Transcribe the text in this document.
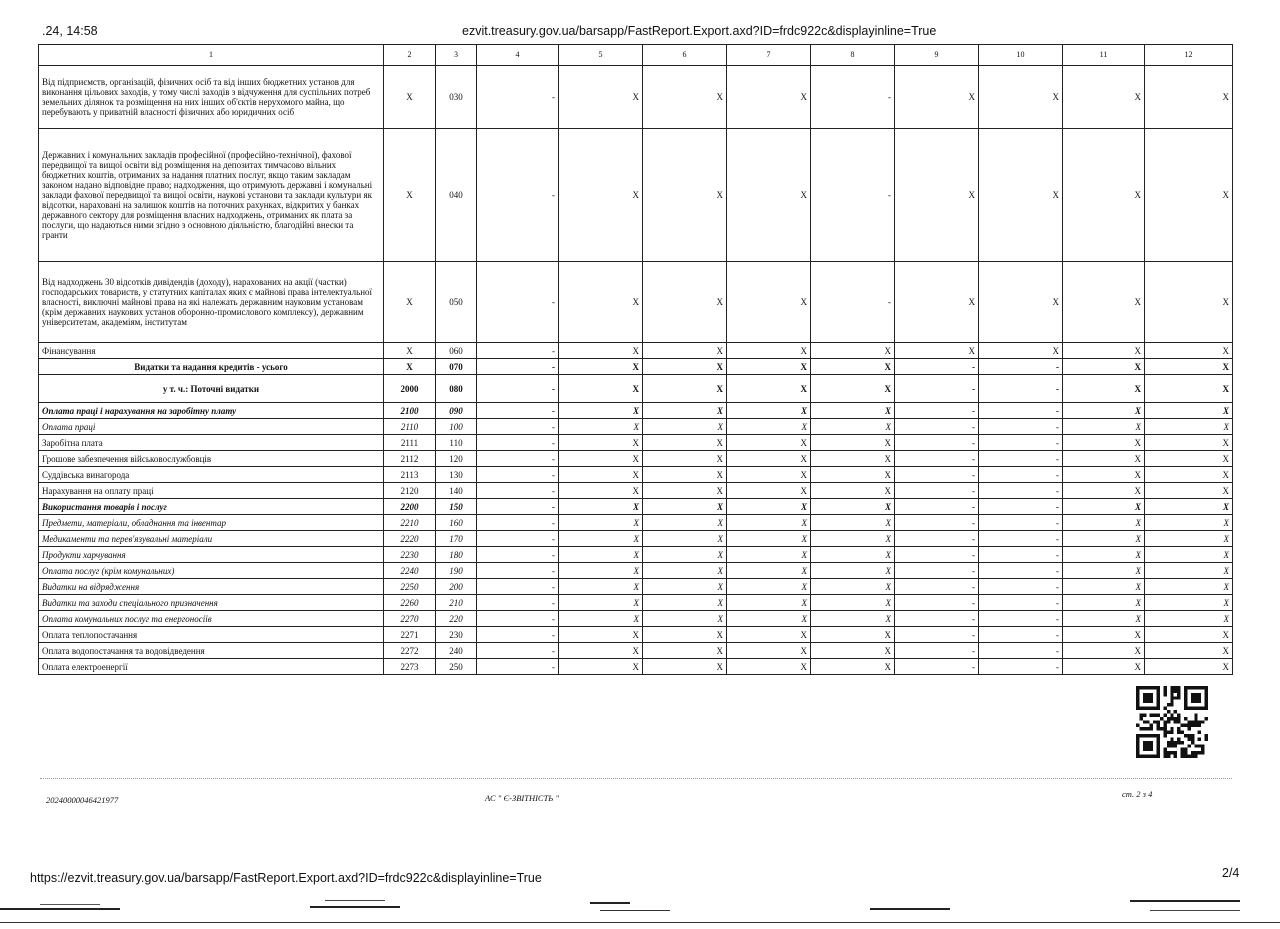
.24, 14:58	ezvit.treasury.gov.ua/barsapp/FastReport.Export.axd?ID=frdc922c&displayinline=True
1	2	3	4	5	6	7	8	9	10	11	12
Від підприємств, організацій, фізичних осіб та від інших бюджетних установ для виконання цільових заходів, у тому числі заходів з відчуження для суспільних потреб земельних ділянок та розміщення на них інших об'єктів нерухомого майна, що перебувають у приватній власності фізичних або юридичних осіб	X	030	-	X	X	X	-	X	X	X	X
Державних і комунальних закладів професійної (професійно-технічної), фахової передвищої та вищої освіти від розміщення на депозитах тимчасово вільних бюджетних коштів, отриманих за надання платних послуг, якщо таким закладам законом надано відповідне право; надходження, що отримують державні і комунальні заклади фахової передвищої та вищої освіти, наукові установи та заклади культури як відсотки, нараховані на залишок коштів на поточних рахунках, відкритих у банках державного сектору для розміщення власних надходжень, отриманих як плата за послуги, що надаються ними згідно з основною діяльністю, благодійні внески та гранти	X	040	-	X	X	X	-	X	X	X	X
Від надходжень 30 відсотків дивідендів (доходу), нарахованих на акції (частки) господарських товариств, у статутних капіталах яких є майнові права інтелектуальної власності, виключні майнові права на які належать державним науковим установам (крім державних наукових установ оборонно-промислового комплексу), державним університетам, академіям, інститутам	X	050	-	X	X	X	-	X	X	X	X
Фінансування	X	060	-	X	X	X	X	X	X	X	X
Видатки та надання кредитів - усього	X	070	-	X	X	X	X	-	-	X	X
у т. ч.: Поточні видатки	2000	080	-	X	X	X	X	-	-	X	X
Оплата праці і нарахування на заробітну плату	2100	090	-	X	X	X	X	-	-	X	X
Оплата праці	2110	100	-	X	X	X	X	-	-	X	X
Заробітна плата	2111	110	-	X	X	X	X	-	-	X	X
Грошове забезпечення військовослужбовців	2112	120	-	X	X	X	X	-	-	X	X
Суддівська винагорода	2113	130	-	X	X	X	X	-	-	X	X
Нарахування на оплату праці	2120	140	-	X	X	X	X	-	-	X	X
Використання товарів і послуг	2200	150	-	X	X	X	X	-	-	X	X
Предмети, матеріали, обладнання та інвентар	2210	160	-	X	X	X	X	-	-	X	X
Медикаменти та перев'язувальні матеріали	2220	170	-	X	X	X	X	-	-	X	X
Продукти харчування	2230	180	-	X	X	X	X	-	-	X	X
Оплата послуг (крім комунальних)	2240	190	-	X	X	X	X	-	-	X	X
Видатки на відрядження	2250	200	-	X	X	X	X	-	-	X	X
Видатки та заходи спеціального призначення	2260	210	-	X	X	X	X	-	-	X	X
Оплата комунальних послуг та енергоносіїв	2270	220	-	X	X	X	X	-	-	X	X
Оплата теплопостачання	2271	230	-	X	X	X	X	-	-	X	X
Оплата водопостачання та водовідведення	2272	240	-	X	X	X	X	-	-	X	X
Оплата електроенергії	2273	250	-	X	X	X	X	-	-	X	X
20240000046421977	АС " Є-ЗВІТНІСТЬ "	ст. 2 з 4
https://ezvit.treasury.gov.ua/barsapp/FastReport.Export.axd?ID=frdc922c&displayinline=True	2/4
